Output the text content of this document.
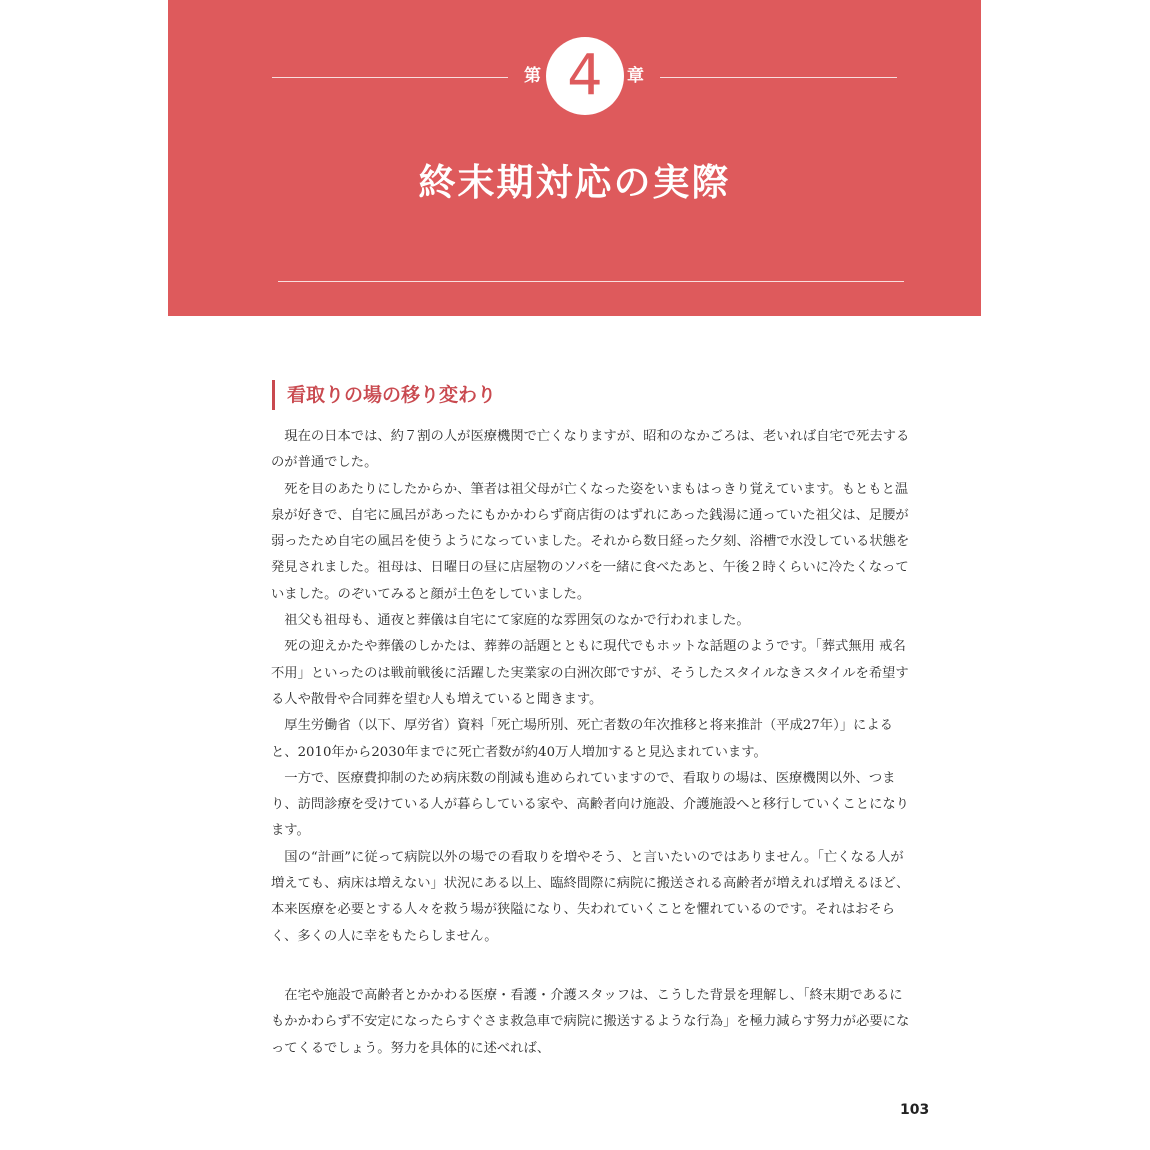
第 4	章
終末期対応の実際
看取りの場の移り変わり

現在の日本では、約７割の人が医療機関で亡くなりますが、昭和のなかごろは、老いれば自宅で死去するのが普通でした。

死を目のあたりにしたからか、筆者は祖父母が亡くなった姿をいまもはっきり覚えています。もともと温泉が好きで、自宅に風呂があったにもかかわらず商店街のはずれにあった銭湯に通っていた祖父は、足腰が弱ったため自宅の風呂を使うようになっていました。それから数日経った夕刻、浴槽で水没している状態を発見されました。祖母は、日曜日の昼に店屋物のソバを一緒に食べたあと、午後２時くらいに冷たくなっていました。のぞいてみると顔が土色をしていました。

祖父も祖母も、通夜と葬儀は自宅にて家庭的な雰囲気のなかで行われました。

死の迎えかたや葬儀のしかたは、葬葬の話題とともに現代でもホットな話題のようです。「葬式無用 戒名不用」といったのは戦前戦後に活躍した実業家の白洲次郎ですが、そうしたスタイルなきスタイルを希望する人や散骨や合同葬を望む人も増えていると聞きます。

厚生労働省（以下、厚労省）資料「死亡場所別、死亡者数の年次推移と将来推計（平成27年）」によると、2010年から2030年までに死亡者数が約40万人増加すると見込まれています。

一方で、医療費抑制のため病床数の削減も進められていますので、看取りの場は、医療機関以外、つまり、訪問診療を受けている人が暮らしている家や、高齢者向け施設、介護施設へと移行していくことになります。

国の“計画”に従って病院以外の場での看取りを増やそう、と言いたいのではありません。「亡くなる人が増えても、病床は増えない」状況にある以上、臨終間際に病院に搬送される高齢者が増えれば増えるほど、本来医療を必要とする人々を救う場が狭隘になり、失われていくことを懼れているのです。それはおそらく、多くの人に幸をもたらしません。

在宅や施設で高齢者とかかわる医療・看護・介護スタッフは、こうした背景を理解し、「終末期であるにもかかわらず不安定になったらすぐさま救急車で病院に搬送するような行為」を極力減らす努力が必要になってくるでしょう。努力を具体的に述べれば、

103
